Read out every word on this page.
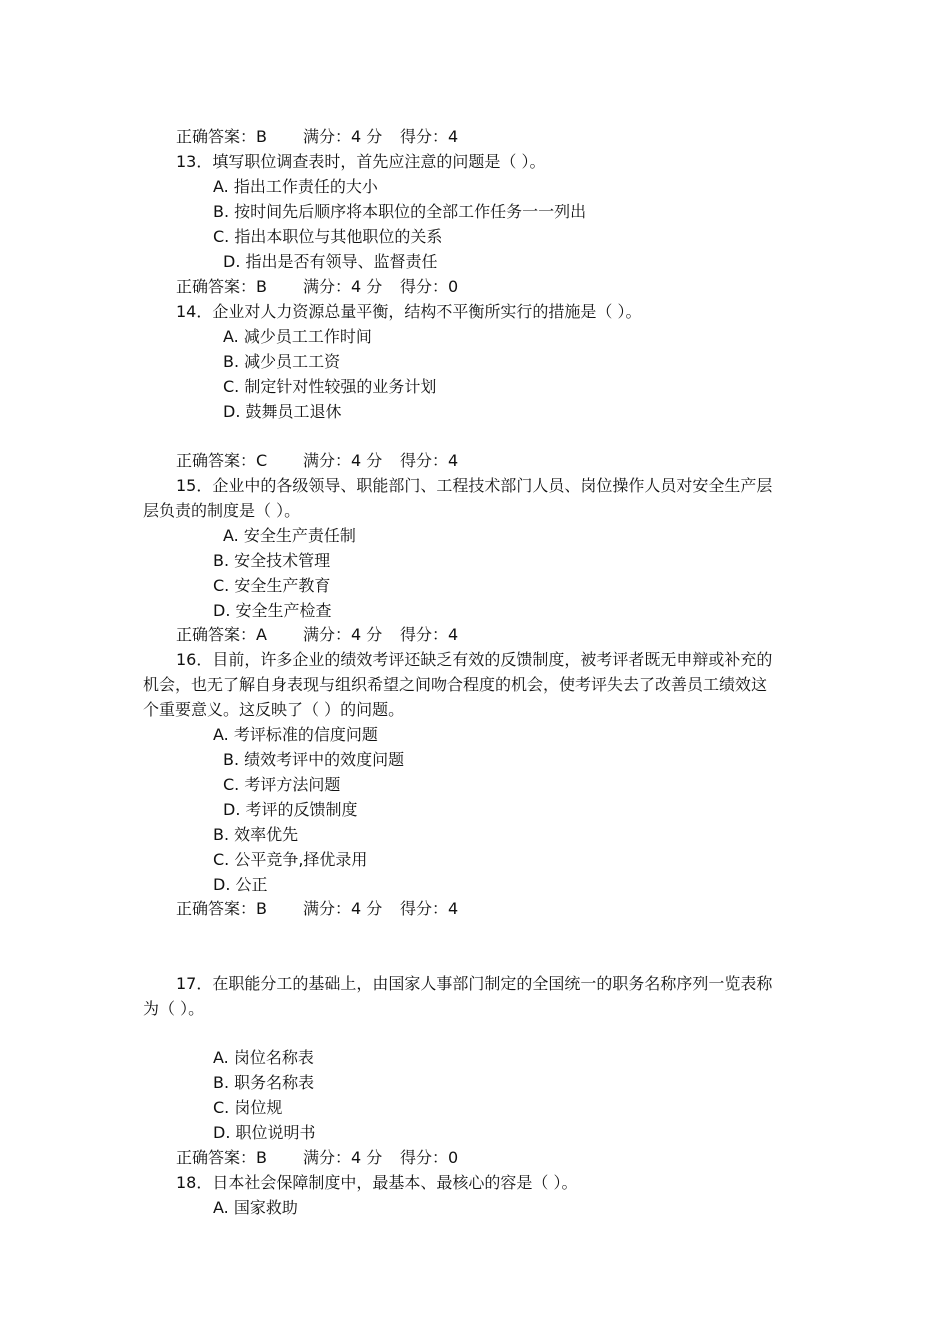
正确答案：B 满分：4 分 得分：4
13．填写职位调查表时，首先应注意的问题是（ ）。
A. 指出工作责任的大小
B. 按时间先后顺序将本职位的全部工作任务一一列出
C. 指出本职位与其他职位的关系
D. 指出是否有领导、监督责任
正确答案：B 满分：4 分 得分：0
14．企业对人力资源总量平衡，结构不平衡所实行的措施是（ ）。
A. 减少员工工作时间
B. 减少员工工资
C. 制定针对性较强的业务计划
D. 鼓舞员工退休
正确答案：C 满分：4 分 得分：4
15．企业中的各级领导、职能部门、工程技术部门人员、岗位操作人员对安全生产层
层负责的制度是（ ）。
A. 安全生产责任制
B. 安全技术管理
C. 安全生产教育
D. 安全生产检查
正确答案：A 满分：4 分 得分：4
16．目前，许多企业的绩效考评还缺乏有效的反馈制度，被考评者既无申辩或补充的
机会，也无了解自身表现与组织希望之间吻合程度的机会，使考评失去了改善员工绩效这
个重要意义。这反映了（ ）的问题。
A. 考评标准的信度问题
B. 绩效考评中的效度问题
C. 考评方法问题
D. 考评的反馈制度
B. 效率优先
C. 公平竞争,择优录用
D. 公正
正确答案：B 满分：4 分 得分：4
17．在职能分工的基础上，由国家人事部门制定的全国统一的职务名称序列一览表称
为（ ）。
A. 岗位名称表
B. 职务名称表
C. 岗位规
D. 职位说明书
正确答案：B 满分：4 分 得分：0
18．日本社会保障制度中，最基本、最核心的容是（ ）。
A. 国家救助
